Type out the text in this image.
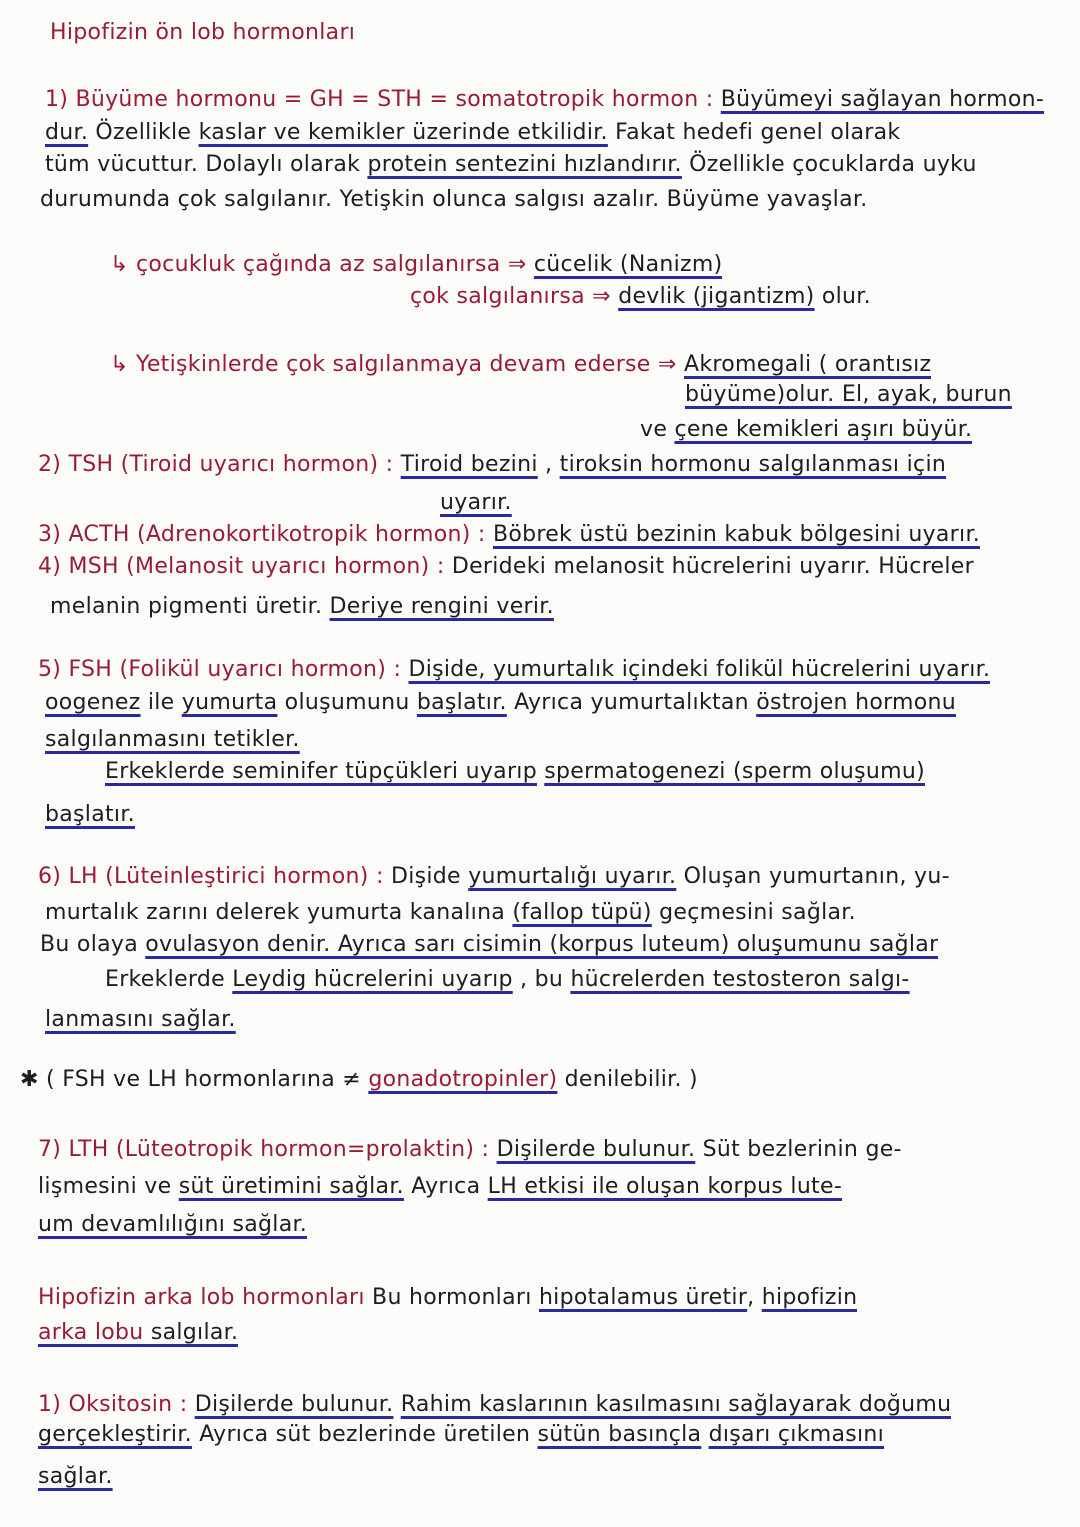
Hipofizin ön lob hormonları
1) Büyüme hormonu = GH = STH = somatotropik hormon : Büyümeyi sağlayan hormon-
dur. Özellikle kaslar ve kemikler üzerinde etkilidir. Fakat hedefi genel olarak
tüm vücuttur. Dolaylı olarak protein sentezini hızlandırır. Özellikle çocuklarda uyku
durumunda çok salgılanır. Yetişkin olunca salgısı azalır. Büyüme yavaşlar.
↳ çocukluk çağında az salgılanırsa ⇒ cücelik (Nanizm)
çok salgılanırsa ⇒ devlik (jigantizm) olur.
↳ Yetişkinlerde çok salgılanmaya devam ederse ⇒ Akromegali ( orantısız
büyüme)olur. El, ayak, burun
ve çene kemikleri aşırı büyür.
2) TSH (Tiroid uyarıcı hormon) : Tiroid bezini , tiroksin hormonu salgılanması için
uyarır.
3) ACTH (Adrenokortikotropik hormon) : Böbrek üstü bezinin kabuk bölgesini uyarır.
4) MSH (Melanosit uyarıcı hormon) : Derideki melanosit hücrelerini uyarır. Hücreler
melanin pigmenti üretir. Deriye rengini verir.
5) FSH (Folikül uyarıcı hormon) : Dişide, yumurtalık içindeki folikül hücrelerini uyarır.
oogenez ile yumurta oluşumunu başlatır. Ayrıca yumurtalıktan östrojen hormonu
salgılanmasını tetikler.
Erkeklerde seminifer tüpçükleri uyarıp spermatogenezi (sperm oluşumu)
başlatır.
6) LH (Lüteinleştirici hormon) : Dişide yumurtalığı uyarır. Oluşan yumurtanın, yu-
murtalık zarını delerek yumurta kanalına (fallop tüpü) geçmesini sağlar.
Bu olaya ovulasyon denir. Ayrıca sarı cisimin (korpus luteum) oluşumunu sağlar
Erkeklerde Leydig hücrelerini uyarıp , bu hücrelerden testosteron salgı-
lanmasını sağlar.
✱ ( FSH ve LH hormonlarına ≠ gonadotropinler) denilebilir. )
7) LTH (Lüteotropik hormon=prolaktin) : Dişilerde bulunur. Süt bezlerinin ge-
lişmesini ve süt üretimini sağlar. Ayrıca LH etkisi ile oluşan korpus lute-
um devamlılığını sağlar.
Hipofizin arka lob hormonları Bu hormonları hipotalamus üretir, hipofizin
arka lobu salgılar.
1) Oksitosin : Dişilerde bulunur. Rahim kaslarının kasılmasını sağlayarak doğumu
gerçekleştirir. Ayrıca süt bezlerinde üretilen sütün basınçla dışarı çıkmasını
sağlar.
